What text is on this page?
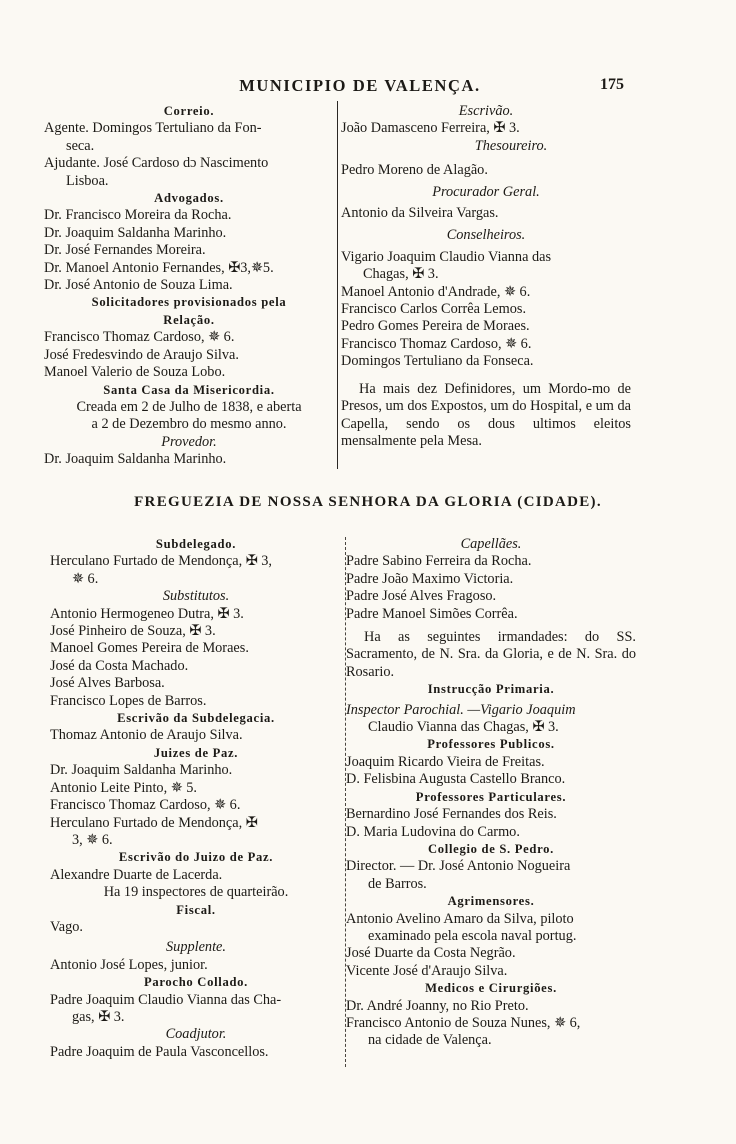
MUNICIPIO DE VALENÇA.	175
Correio.
Agente. Domingos Tertuliano da Fon-
seca.
Ajudante. José Cardoso dɔ Nascimento
Lisboa.
Advogados.
Dr. Francisco Moreira da Rocha.
Dr. Joaquim Saldanha Marinho.
Dr. José Fernandes Moreira.
Dr. Manoel Antonio Fernandes, ✠3,✵5.
Dr. José Antonio de Souza Lima.
Solicitadores provisionados pela
Relação.
Francisco Thomaz Cardoso, ✵ 6.
José Fredesvindo de Araujo Silva.
Manoel Valerio de Souza Lobo.
Santa Casa da Misericordia.
Creada em 2 de Julho de 1838, e aberta
a 2 de Dezembro do mesmo anno.
Provedor.
Dr. Joaquim Saldanha Marinho.
Escrivão.
João Damasceno Ferreira, ✠ 3.
Thesoureiro.
Pedro Moreno de Alagão.
Procurador Geral.
Antonio da Silveira Vargas.
Conselheiros.
Vigario Joaquim Claudio Vianna das
Chagas, ✠ 3.
Manoel Antonio d'Andrade, ✵ 6.
Francisco Carlos Corrêa Lemos.
Pedro Gomes Pereira de Moraes.
Francisco Thomaz Cardoso, ✵ 6.
Domingos Tertuliano da Fonseca.
Ha mais dez Definidores, um Mordo-mo de Presos, um dos Expostos, um do Hospital, e um da Capella, sendo os dous ultimos eleitos mensalmente pela Mesa.
FREGUEZIA DE NOSSA SENHORA DA GLORIA (CIDADE).
Subdelegado.
Herculano Furtado de Mendonça, ✠ 3,
✵ 6.
Substitutos.
Antonio Hermogeneo Dutra, ✠ 3.
José Pinheiro de Souza, ✠ 3.
Manoel Gomes Pereira de Moraes.
José da Costa Machado.
José Alves Barbosa.
Francisco Lopes de Barros.
Escrivão da Subdelegacia.
Thomaz Antonio de Araujo Silva.
Juizes de Paz.
Dr. Joaquim Saldanha Marinho.
Antonio Leite Pinto, ✵ 5.
Francisco Thomaz Cardoso, ✵ 6.
Herculano Furtado de Mendonça, ✠
3, ✵ 6.
Escrivão do Juizo de Paz.
Alexandre Duarte de Lacerda.
Ha 19 inspectores de quarteirão.
Fiscal.
Vago.
Supplente.
Antonio José Lopes, junior.
Parocho Collado.
Padre Joaquim Claudio Vianna das Cha-
gas, ✠ 3.
Coadjutor.
Padre Joaquim de Paula Vasconcellos.
Capellães.
Padre Sabino Ferreira da Rocha.
Padre João Maximo Victoria.
Padre José Alves Fragoso.
Padre Manoel Simões Corrêa.
Ha as seguintes irmandades: do SS. Sacramento, de N. Sra. da Gloria, e de N. Sra. do Rosario.
Instrucção Primaria.
Inspector Parochial. —Vigario Joaquim
Claudio Vianna das Chagas, ✠ 3.
Professores Publicos.
Joaquim Ricardo Vieira de Freitas.
D. Felisbina Augusta Castello Branco.
Professores Particulares.
Bernardino José Fernandes dos Reis.
D. Maria Ludovina do Carmo.
Collegio de S. Pedro.
Director. — Dr. José Antonio Nogueira
de Barros.
Agrimensores.
Antonio Avelino Amaro da Silva, piloto
examinado pela escola naval portug.
José Duarte da Costa Negrão.
Vicente José d'Araujo Silva.
Medicos e Cirurgiões.
Dr. André Joanny, no Rio Preto.
Francisco Antonio de Souza Nunes, ✵ 6,
na cidade de Valença.
